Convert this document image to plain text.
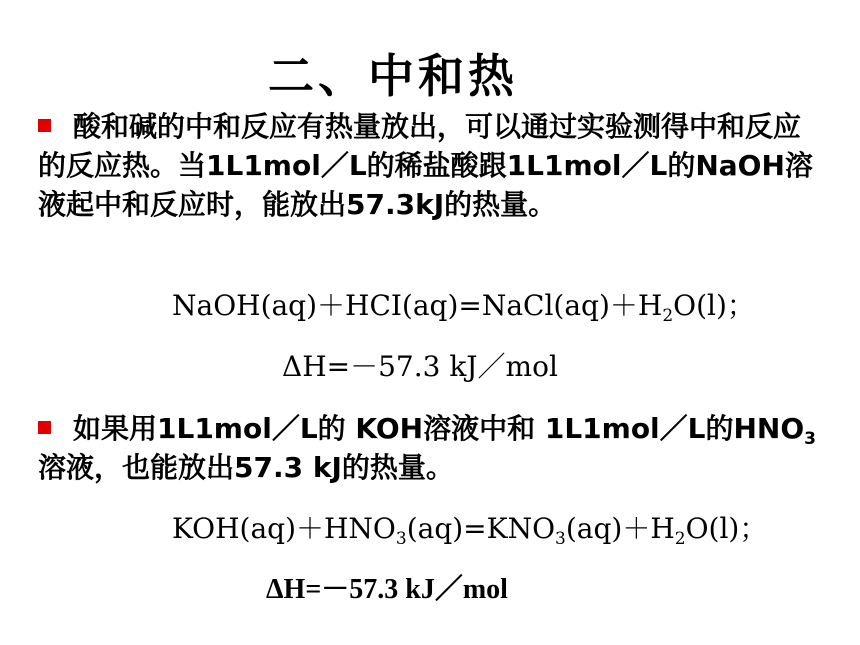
二、中和热
酸和碱的中和反应有热量放出，可以通过实验测得中和反应的反应热。当1L1mol／L的稀盐酸跟1L1mol／L的NaOH溶液起中和反应时，能放出57.3kJ的热量。
$NaOH(aq)+HCI(aq)=NaCl(aq)+H_2O(l)$；
ΔH=－57.3 kJ／mol
如果用1L1mol／L的 KOH溶液中和 1L1mol／L的$HNO_3$溶液，也能放出57.3 kJ的热量。
$KOH(aq)+HNO_3(aq)=KNO_3(aq)+H_2O(l)$；
ΔH=－57.3 kJ／mol
